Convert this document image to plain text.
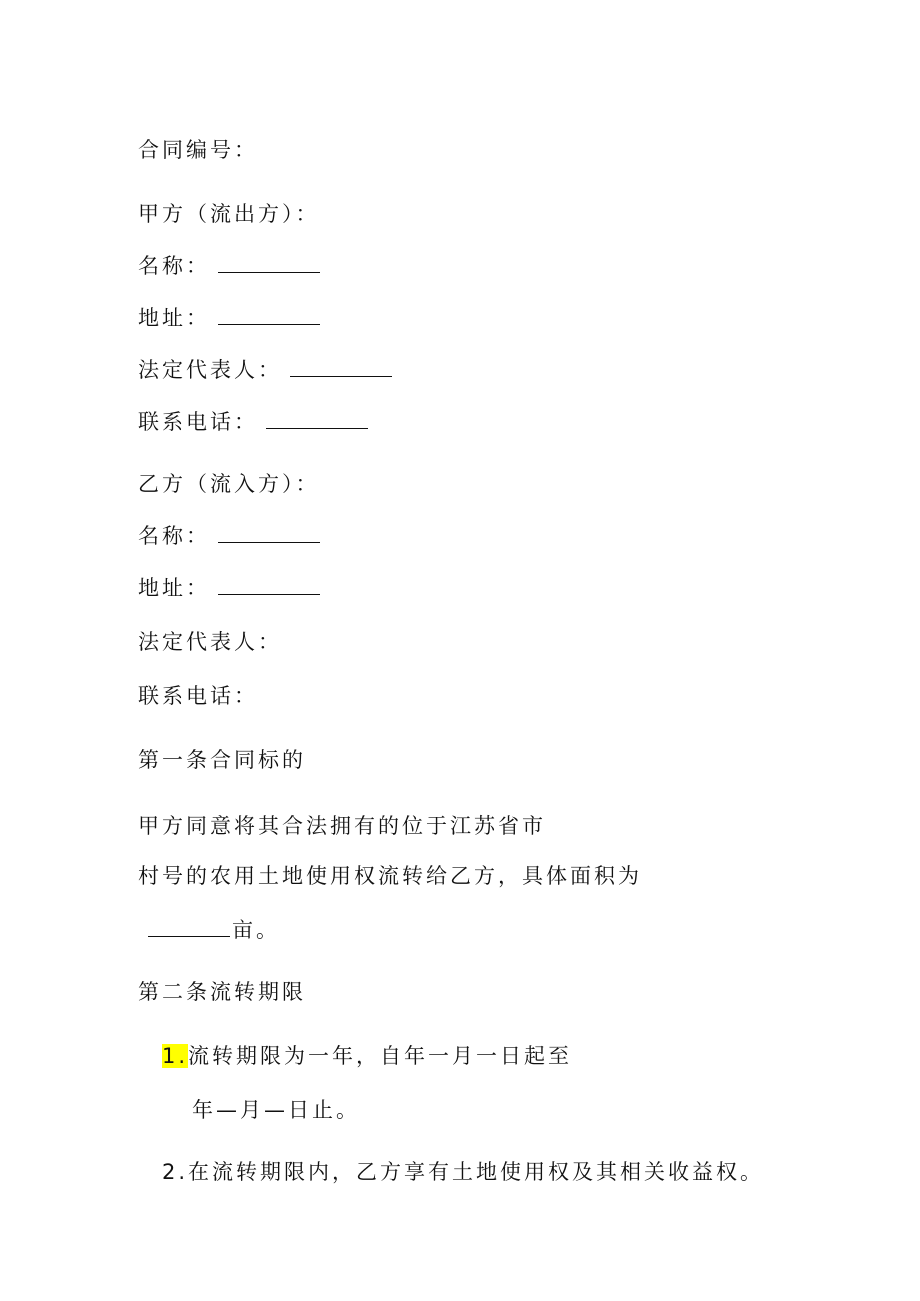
合同编号：
甲方（流出方）：
名称：
地址：
法定代表人：
联系电话：
乙方（流入方）：
名称：
地址：
法定代表人：
联系电话：
第一条合同标的
甲方同意将其合法拥有的位于江苏省市
村号的农用土地使用权流转给乙方，具体面积为
亩。
第二条流转期限
1.流转期限为一年，自年一月一日起至
年—月—日止。
2.在流转期限内，乙方享有土地使用权及其相关收益权。
